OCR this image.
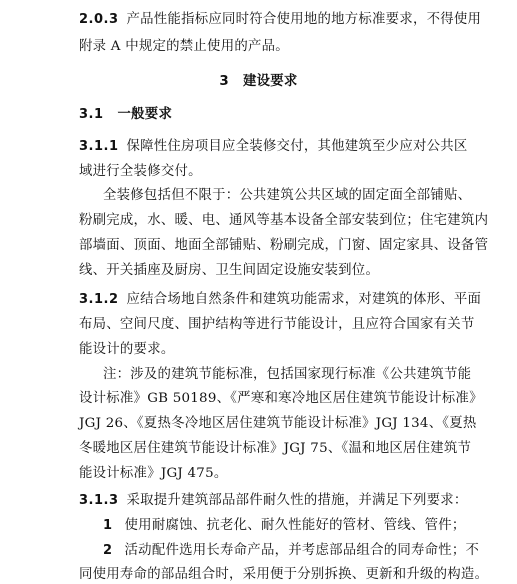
2.0.3 产品性能指标应同时符合使用地的地方标准要求，不得使用
附录 A 中规定的禁止使用的产品。
3 建设要求
3.1 一般要求
3.1.1 保障性住房项目应全装修交付，其他建筑至少应对公共区
域进行全装修交付。
全装修包括但不限于：公共建筑公共区域的固定面全部铺贴、
粉刷完成，水、暖、电、通风等基本设备全部安装到位；住宅建筑内
部墙面、顶面、地面全部铺贴、粉刷完成，门窗、固定家具、设备管
线、开关插座及厨房、卫生间固定设施安装到位。
3.1.2 应结合场地自然条件和建筑功能需求，对建筑的体形、平面
布局、空间尺度、围护结构等进行节能设计，且应符合国家有关节
能设计的要求。
注：涉及的建筑节能标准，包括国家现行标准《公共建筑节能
设计标准》GB 50189、《严寒和寒冷地区居住建筑节能设计标准》
JGJ 26、《夏热冬冷地区居住建筑节能设计标准》JGJ 134、《夏热
冬暖地区居住建筑节能设计标准》JGJ 75、《温和地区居住建筑节
能设计标准》JGJ 475。
3.1.3 采取提升建筑部品部件耐久性的措施，并满足下列要求：
1 使用耐腐蚀、抗老化、耐久性能好的管材、管线、管件；
2 活动配件选用长寿命产品，并考虑部品组合的同寿命性；不
同使用寿命的部品组合时，采用便于分别拆换、更新和升级的构造。
